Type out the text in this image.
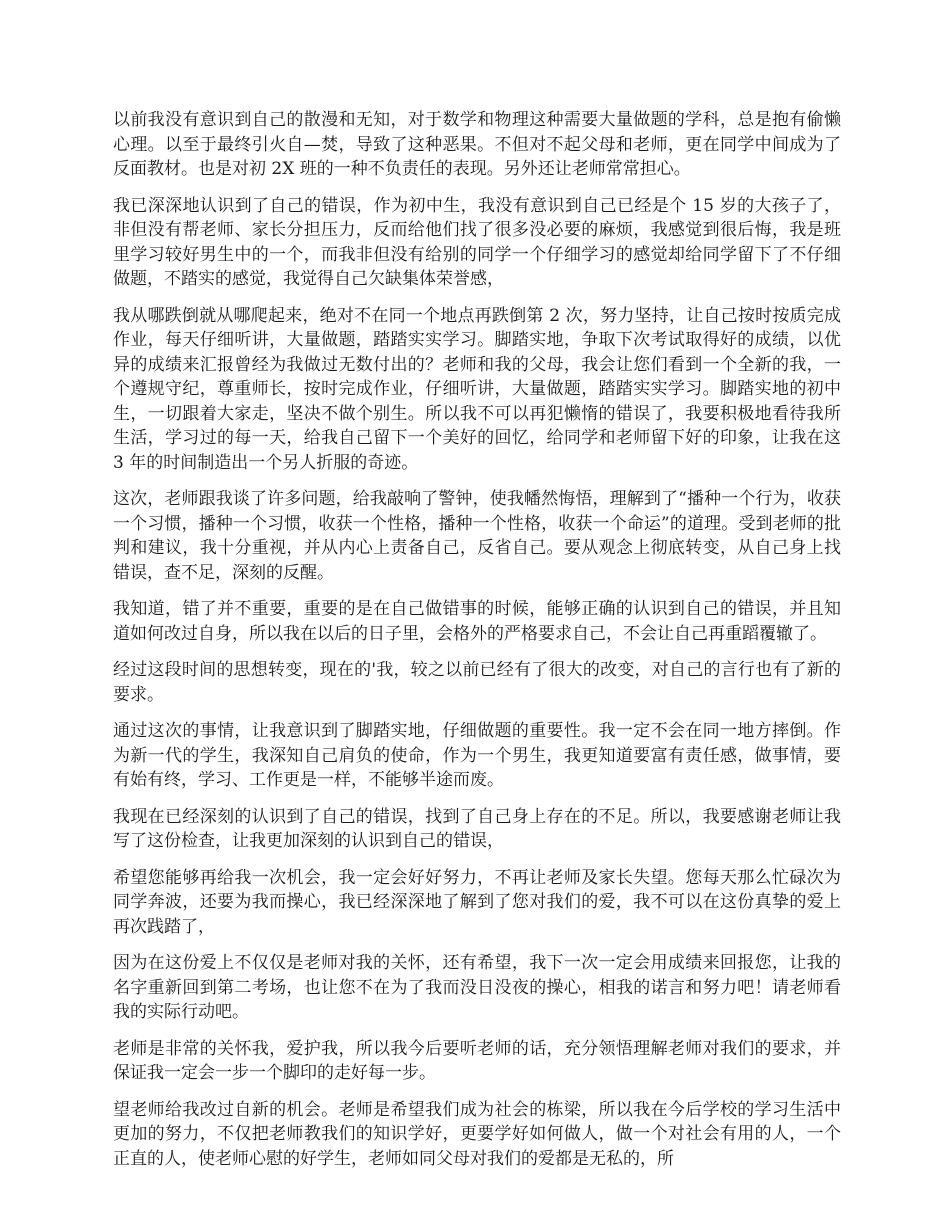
以前我没有意识到自己的散漫和无知，对于数学和物理这种需要大量做题的学科，总是抱有偷懒心理。以至于最终引火自—焚，导致了这种恶果。不但对不起父母和老师，更在同学中间成为了反面教材。也是对初 2X 班的一种不负责任的表现。另外还让老师常常担心。

我已深深地认识到了自己的错误，作为初中生，我没有意识到自己已经是个 15 岁的大孩子了，非但没有帮老师、家长分担压力，反而给他们找了很多没必要的麻烦，我感觉到很后悔，我是班里学习较好男生中的一个，而我非但没有给别的同学一个仔细学习的感觉却给同学留下了不仔细做题，不踏实的感觉，我觉得自己欠缺集体荣誉感，

我从哪跌倒就从哪爬起来，绝对不在同一个地点再跌倒第 2 次，努力坚持，让自己按时按质完成作业，每天仔细听讲，大量做题，踏踏实实学习。脚踏实地，争取下次考试取得好的成绩，以优异的成绩来汇报曾经为我做过无数付出的？老师和我的父母，我会让您们看到一个全新的我，一个遵规守纪，尊重师长，按时完成作业，仔细听讲，大量做题，踏踏实实学习。脚踏实地的初中生，一切跟着大家走，坚决不做个别生。所以我不可以再犯懒惰的错误了，我要积极地看待我所生活，学习过的每一天，给我自己留下一个美好的回忆，给同学和老师留下好的印象，让我在这 3 年的时间制造出一个另人折服的奇迹。

这次，老师跟我谈了许多问题，给我敲响了警钟，使我幡然悔悟，理解到了“播种一个行为，收获一个习惯，播种一个习惯，收获一个性格，播种一个性格，收获一个命运”的道理。受到老师的批判和建议，我十分重视，并从内心上责备自己，反省自己。要从观念上彻底转变，从自己身上找错误，查不足，深刻的反醒。

我知道，错了并不重要，重要的是在自己做错事的时候，能够正确的认识到自己的错误，并且知道如何改过自身，所以我在以后的日子里，会格外的严格要求自己，不会让自己再重蹈覆辙了。

经过这段时间的思想转变，现在的'我，较之以前已经有了很大的改变，对自己的言行也有了新的要求。

通过这次的事情，让我意识到了脚踏实地，仔细做题的重要性。我一定不会在同一地方摔倒。作为新一代的学生，我深知自己肩负的使命，作为一个男生，我更知道要富有责任感，做事情，要有始有终，学习、工作更是一样，不能够半途而废。

我现在已经深刻的认识到了自己的错误，找到了自己身上存在的不足。所以，我要感谢老师让我写了这份检查，让我更加深刻的认识到自己的错误，

希望您能够再给我一次机会，我一定会好好努力，不再让老师及家长失望。您每天那么忙碌次为同学奔波，还要为我而操心，我已经深深地了解到了您对我们的爱，我不可以在这份真挚的爱上再次践踏了，

因为在这份爱上不仅仅是老师对我的关怀，还有希望，我下一次一定会用成绩来回报您，让我的名字重新回到第二考场，也让您不在为了我而没日没夜的操心，相我的诺言和努力吧！请老师看我的实际行动吧。

老师是非常的关怀我，爱护我，所以我今后要听老师的话，充分领悟理解老师对我们的要求，并保证我一定会一步一个脚印的走好每一步。

望老师给我改过自新的机会。老师是希望我们成为社会的栋梁，所以我在今后学校的学习生活中更加的努力，不仅把老师教我们的知识学好，更要学好如何做人，做一个对社会有用的人，一个正直的人，使老师心慰的好学生，老师如同父母对我们的爱都是无私的，所
